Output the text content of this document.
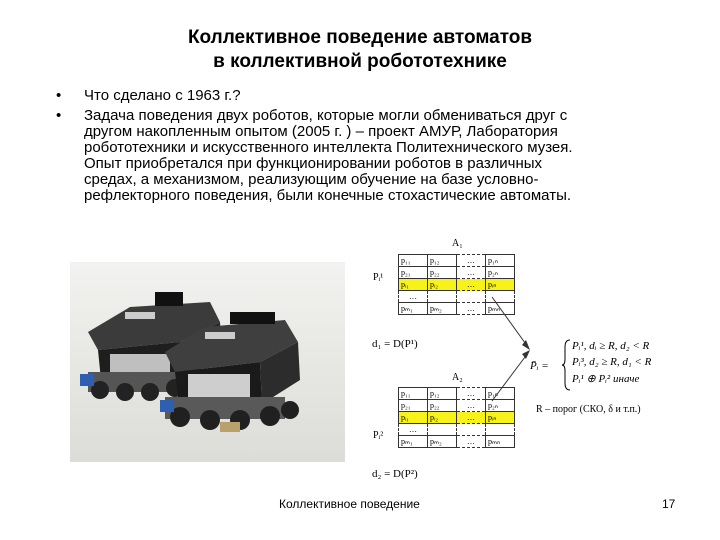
Коллективное поведение автоматов
в коллективной робототехнике
• Что сделано с 1963 г.?
• Задача поведения двух роботов, которые могли обмениваться друг с
другом накопленным опытом (2005 г. ) – проект АМУР, Лаборатория
робототехники и искусственного интеллекта Политехнического музея.
Опыт приобретался при функционировании роботов в различных
средах, а механизмом, реализующим обучение на базе условно-
рефлекторного поведения, были конечные стохастические автоматы.
A₁
Pᵢ¹
p₁₁	p₁₂	…	p₁ₙ
p₂₁	p₂₂	…	p₂ₙ
pᵢ₁	pᵢ₂	…	pᵢₙ
…			
pₘ₁	pₘ₂	…	pₘₙ
d₁ = D(P¹)
A₂
Pᵢ²
p₁₁	p₁₂	…	p₁ₙ
p₂₁	p₂₂	…	p₂ₙ
pᵢ₁	pᵢ₂	…	pᵢₙ
…			
pₘ₁	pₘ₂	…	pₘₙ
d₂ = D(P²)
P̄ᵢ =
Pᵢ¹, dᵢ ≥ R, d₂ < R
Pᵢ³, d₂ ≥ R, d₁ < R
Pᵢ¹ ⊕ Pᵢ² иначе
R – порог (СКО, δ и т.п.)
Коллективное поведение	17
